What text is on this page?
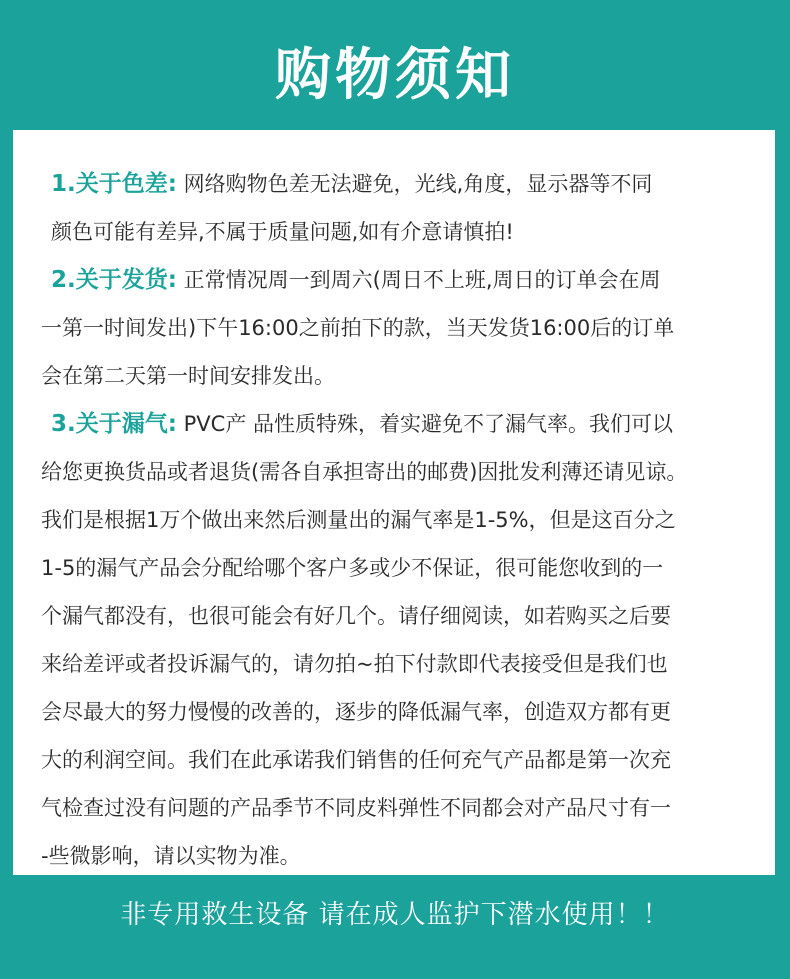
购物须知
1.关于色差: 网络购物色差无法避免，光线,角度，显示器等不同
颜色可能有差异,不属于质量问题,如有介意请慎拍!
2.关于发货: 正常情况周一到周六(周日不上班,周日的订单会在周
一第一时间发出)下午16:00之前拍下的款，当天发货16:00后的订单
会在第二天第一时间安排发出。
3.关于漏气: PVC产 品性质特殊，着实避免不了漏气率。我们可以
给您更换货品或者退货(需各自承担寄出的邮费)因批发利薄还请见谅。
我们是根据1万个做出来然后测量出的漏气率是1-5%，但是这百分之
1-5的漏气产品会分配给哪个客户多或少不保证，很可能您收到的一
个漏气都没有，也很可能会有好几个。请仔细阅读，如若购买之后要
来给差评或者投诉漏气的，请勿拍~拍下付款即代表接受但是我们也
会尽最大的努力慢慢的改善的，逐步的降低漏气率，创造双方都有更
大的利润空间。我们在此承诺我们销售的任何充气产品都是第一次充
气检查过没有问题的产品季节不同皮料弹性不同都会对产品尺寸有一
-些微影响，请以实物为准。
非专用救生设备 请在成人监护下潜水使用！！
